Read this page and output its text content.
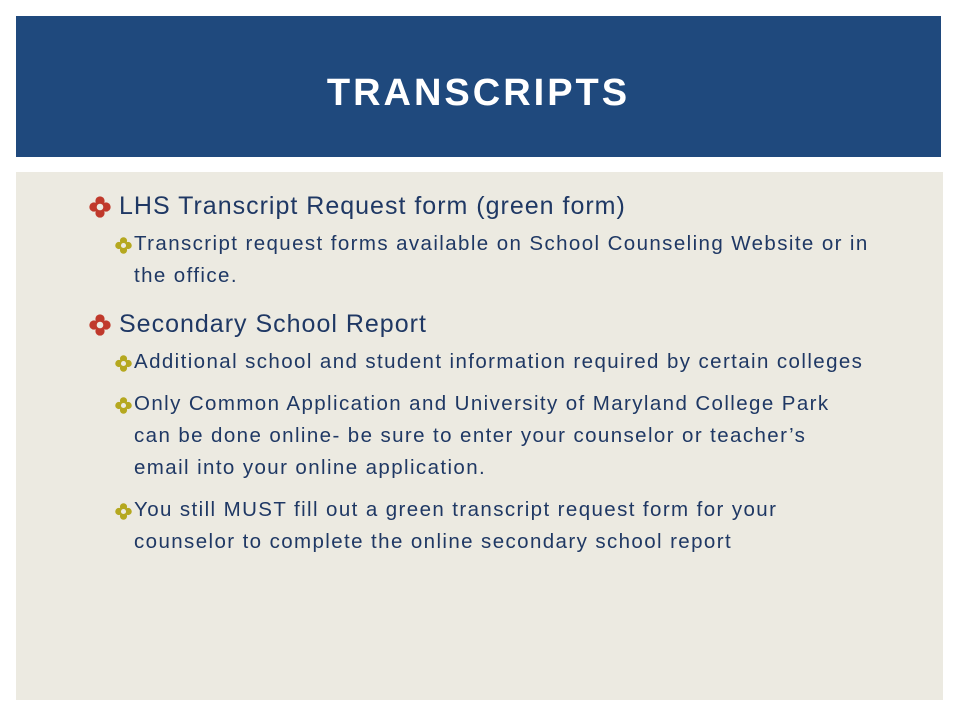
TRANSCRIPTS
LHS Transcript Request form (green form)
Transcript request forms available on School Counseling Website or in the office.
Secondary School Report
Additional school and student information required by certain colleges
Only Common Application and University of Maryland College Park can be done online- be sure to enter your counselor or teacher’s email into your online application.
You still MUST fill out a green transcript request form for your counselor to complete the online secondary school report
